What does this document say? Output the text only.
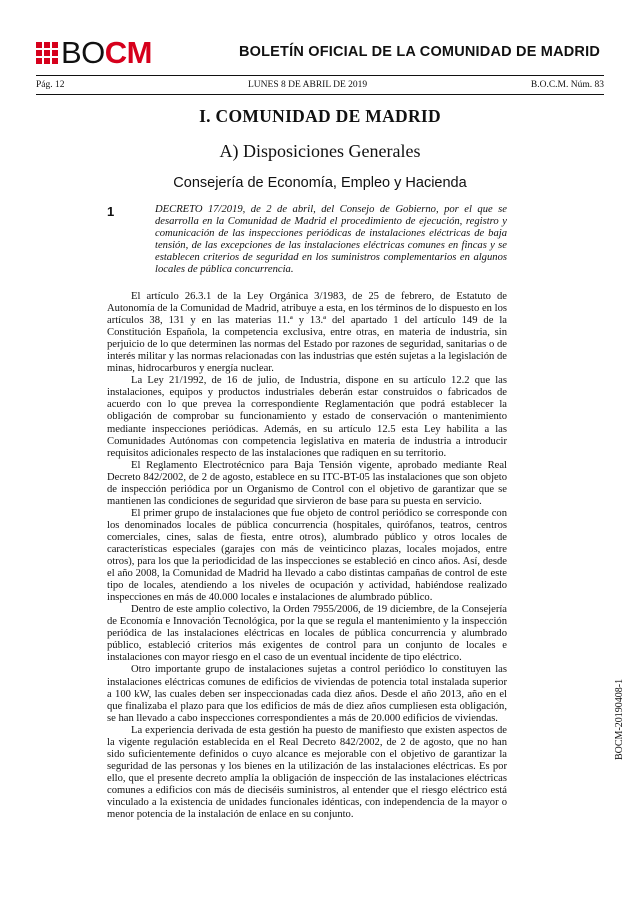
BOCM	BOLETÍN OFICIAL DE LA COMUNIDAD DE MADRID
Pág. 12	LUNES 8 DE ABRIL DE 2019	B.O.C.M. Núm. 83
I. COMUNIDAD DE MADRID
A) Disposiciones Generales
Consejería de Economía, Empleo y Hacienda
1	DECRETO 17/2019, de 2 de abril, del Consejo de Gobierno, por el que se desarrolla en la Comunidad de Madrid el procedimiento de ejecución, registro y comunicación de las inspecciones periódicas de instalaciones eléctricas de baja tensión, de las excepciones de las instalaciones eléctricas comunes en fincas y se establecen criterios de seguridad en los suministros complementarios en algunos locales de pública concurrencia.

El artículo 26.3.1 de la Ley Orgánica 3/1983, de 25 de febrero, de Estatuto de Autonomía de la Comunidad de Madrid, atribuye a esta, en los términos de lo dispuesto en los artículos 38, 131 y en las materias 11.ª y 13.ª del apartado 1 del artículo 149 de la Constitución Española, la competencia exclusiva, entre otras, en materia de industria, sin perjuicio de lo que determinen las normas del Estado por razones de seguridad, sanitarias o de interés militar y las normas relacionadas con las industrias que estén sujetas a la legislación de minas, hidrocarburos y energía nuclear.

La Ley 21/1992, de 16 de julio, de Industria, dispone en su artículo 12.2 que las instalaciones, equipos y productos industriales deberán estar construidos o fabricados de acuerdo con lo que prevea la correspondiente Reglamentación que podrá establecer la obligación de comprobar su funcionamiento y estado de conservación o mantenimiento mediante inspecciones periódicas. Además, en su artículo 12.5 esta Ley habilita a las Comunidades Autónomas con competencia legislativa en materia de industria a introducir requisitos adicionales respecto de las instalaciones que radiquen en su territorio.

El Reglamento Electrotécnico para Baja Tensión vigente, aprobado mediante Real Decreto 842/2002, de 2 de agosto, establece en su ITC-BT-05 las instalaciones que son objeto de inspección periódica por un Organismo de Control con el objetivo de garantizar que se mantienen las condiciones de seguridad que sirvieron de base para su puesta en servicio.

El primer grupo de instalaciones que fue objeto de control periódico se corresponde con los denominados locales de pública concurrencia (hospitales, quirófanos, teatros, centros comerciales, cines, salas de fiesta, entre otros), alumbrado público y otros locales de características especiales (garajes con más de veinticinco plazas, locales mojados, entre otros), para los que la periodicidad de las inspecciones se estableció en cinco años. Así, desde el año 2008, la Comunidad de Madrid ha llevado a cabo distintas campañas de control de este tipo de locales, atendiendo a los niveles de ocupación y actividad, habiéndose realizado inspecciones en más de 40.000 locales e instalaciones de alumbrado público.

Dentro de este amplio colectivo, la Orden 7955/2006, de 19 diciembre, de la Consejería de Economía e Innovación Tecnológica, por la que se regula el mantenimiento y la inspección periódica de las instalaciones eléctricas en locales de pública concurrencia y alumbrado público, estableció criterios más exigentes de control para un conjunto de locales e instalaciones con mayor riesgo en el caso de un eventual incidente de tipo eléctrico.

Otro importante grupo de instalaciones sujetas a control periódico lo constituyen las instalaciones eléctricas comunes de edificios de viviendas de potencia total instalada superior a 100 kW, las cuales deben ser inspeccionadas cada diez años. Desde el año 2013, año en el que finalizaba el plazo para que los edificios de más de diez años cumpliesen esta obligación, se han llevado a cabo inspecciones correspondientes a más de 20.000 edificios de viviendas.

La experiencia derivada de esta gestión ha puesto de manifiesto que existen aspectos de la vigente regulación establecida en el Real Decreto 842/2002, de 2 de agosto, que no han sido suficientemente definidos o cuyo alcance es mejorable con el objetivo de garantizar la seguridad de las personas y los bienes en la utilización de las instalaciones eléctricas. Es por ello, que el presente decreto amplía la obligación de inspección de las instalaciones eléctricas comunes a edificios con más de dieciséis suministros, al entender que el riesgo eléctrico está vinculado a la existencia de unidades funcionales idénticas, con independencia de la mayor o menor potencia de la instalación de enlace en su conjunto.

BOCM-20190408-1
